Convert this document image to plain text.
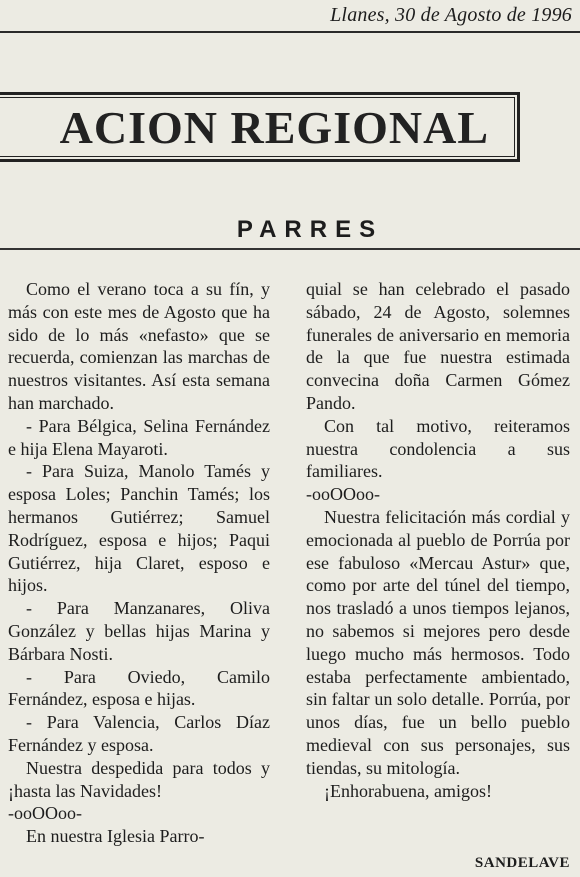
Llanes, 30 de Agosto de 1996
ACION REGIONAL
PARRES

Como el verano toca a su fín, y más con este mes de Agosto que ha sido de lo más «nefasto» que se recuerda, comienzan las marchas de nuestros visitantes. Así esta semana han marchado.

- Para Bélgica, Selina Fernández e hija Elena Mayaroti.

- Para Suiza, Manolo Tamés y esposa Loles; Panchin Tamés; los hermanos Gutiérrez; Samuel Rodríguez, esposa e hijos; Paqui Gutiérrez, hija Claret, esposo e hijos.

- Para Manzanares, Oliva González y bellas hijas Marina y Bárbara Nosti.

- Para Oviedo, Camilo Fernández, esposa e hijas.

- Para Valencia, Carlos Díaz Fernández y esposa.

Nuestra despedida para todos y ¡hasta las Navidades!

-ooOOoo-

En nuestra Iglesia Parro-

quial se han celebrado el pasado sábado, 24 de Agosto, solemnes funerales de aniversario en memoria de la que fue nuestra estimada convecina doña Carmen Gómez Pando.

Con tal motivo, reiteramos nuestra condolencia a sus familiares.

-ooOOoo-

Nuestra felicitación más cordial y emocionada al pueblo de Porrúa por ese fabuloso «Mercau Astur» que, como por arte del túnel del tiempo, nos trasladó a unos tiempos lejanos, no sabemos si mejores pero desde luego mucho más hermosos. Todo estaba perfectamente ambientado, sin faltar un solo detalle. Porrúa, por unos días, fue un bello pueblo medieval con sus personajes, sus tiendas, su mitología.

¡Enhorabuena, amigos!

SANDELAVE
